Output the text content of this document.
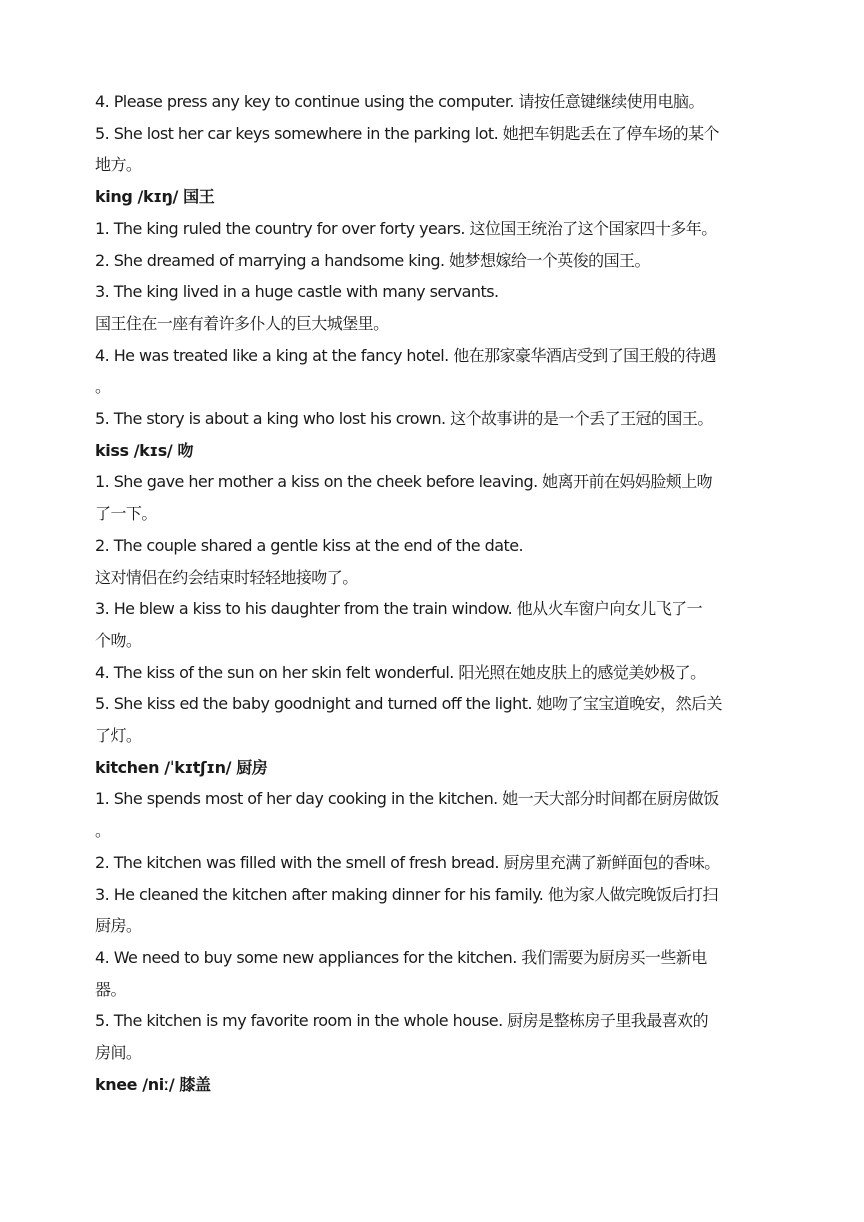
4. Please press any key to continue using the computer. 请按任意键继续使用电脑。
5. She lost her car keys somewhere in the parking lot. 她把车钥匙丢在了停车场的某个
地方。
king /kɪŋ/ 国王
1. The king ruled the country for over forty years. 这位国王统治了这个国家四十多年。
2. She dreamed of marrying a handsome king. 她梦想嫁给一个英俊的国王。
3. The king lived in a huge castle with many servants.
国王住在一座有着许多仆人的巨大城堡里。
4. He was treated like a king at the fancy hotel. 他在那家豪华酒店受到了国王般的待遇
。
5. The story is about a king who lost his crown. 这个故事讲的是一个丢了王冠的国王。
kiss /kɪs/ 吻
1. She gave her mother a kiss on the cheek before leaving. 她离开前在妈妈脸颊上吻
了一下。
2. The couple shared a gentle kiss at the end of the date.
这对情侣在约会结束时轻轻地接吻了。
3. He blew a kiss to his daughter from the train window. 他从火车窗户向女儿飞了一
个吻。
4. The kiss of the sun on her skin felt wonderful. 阳光照在她皮肤上的感觉美妙极了。
5. She kiss ed the baby goodnight and turned off the light. 她吻了宝宝道晚安，然后关
了灯。
kitchen /ˈkɪtʃɪn/ 厨房
1. She spends most of her day cooking in the kitchen. 她一天大部分时间都在厨房做饭
。
2. The kitchen was filled with the smell of fresh bread. 厨房里充满了新鲜面包的香味。
3. He cleaned the kitchen after making dinner for his family. 他为家人做完晚饭后打扫
厨房。
4. We need to buy some new appliances for the kitchen. 我们需要为厨房买一些新电
器。
5. The kitchen is my favorite room in the whole house. 厨房是整栋房子里我最喜欢的
房间。
knee /niː/ 膝盖
